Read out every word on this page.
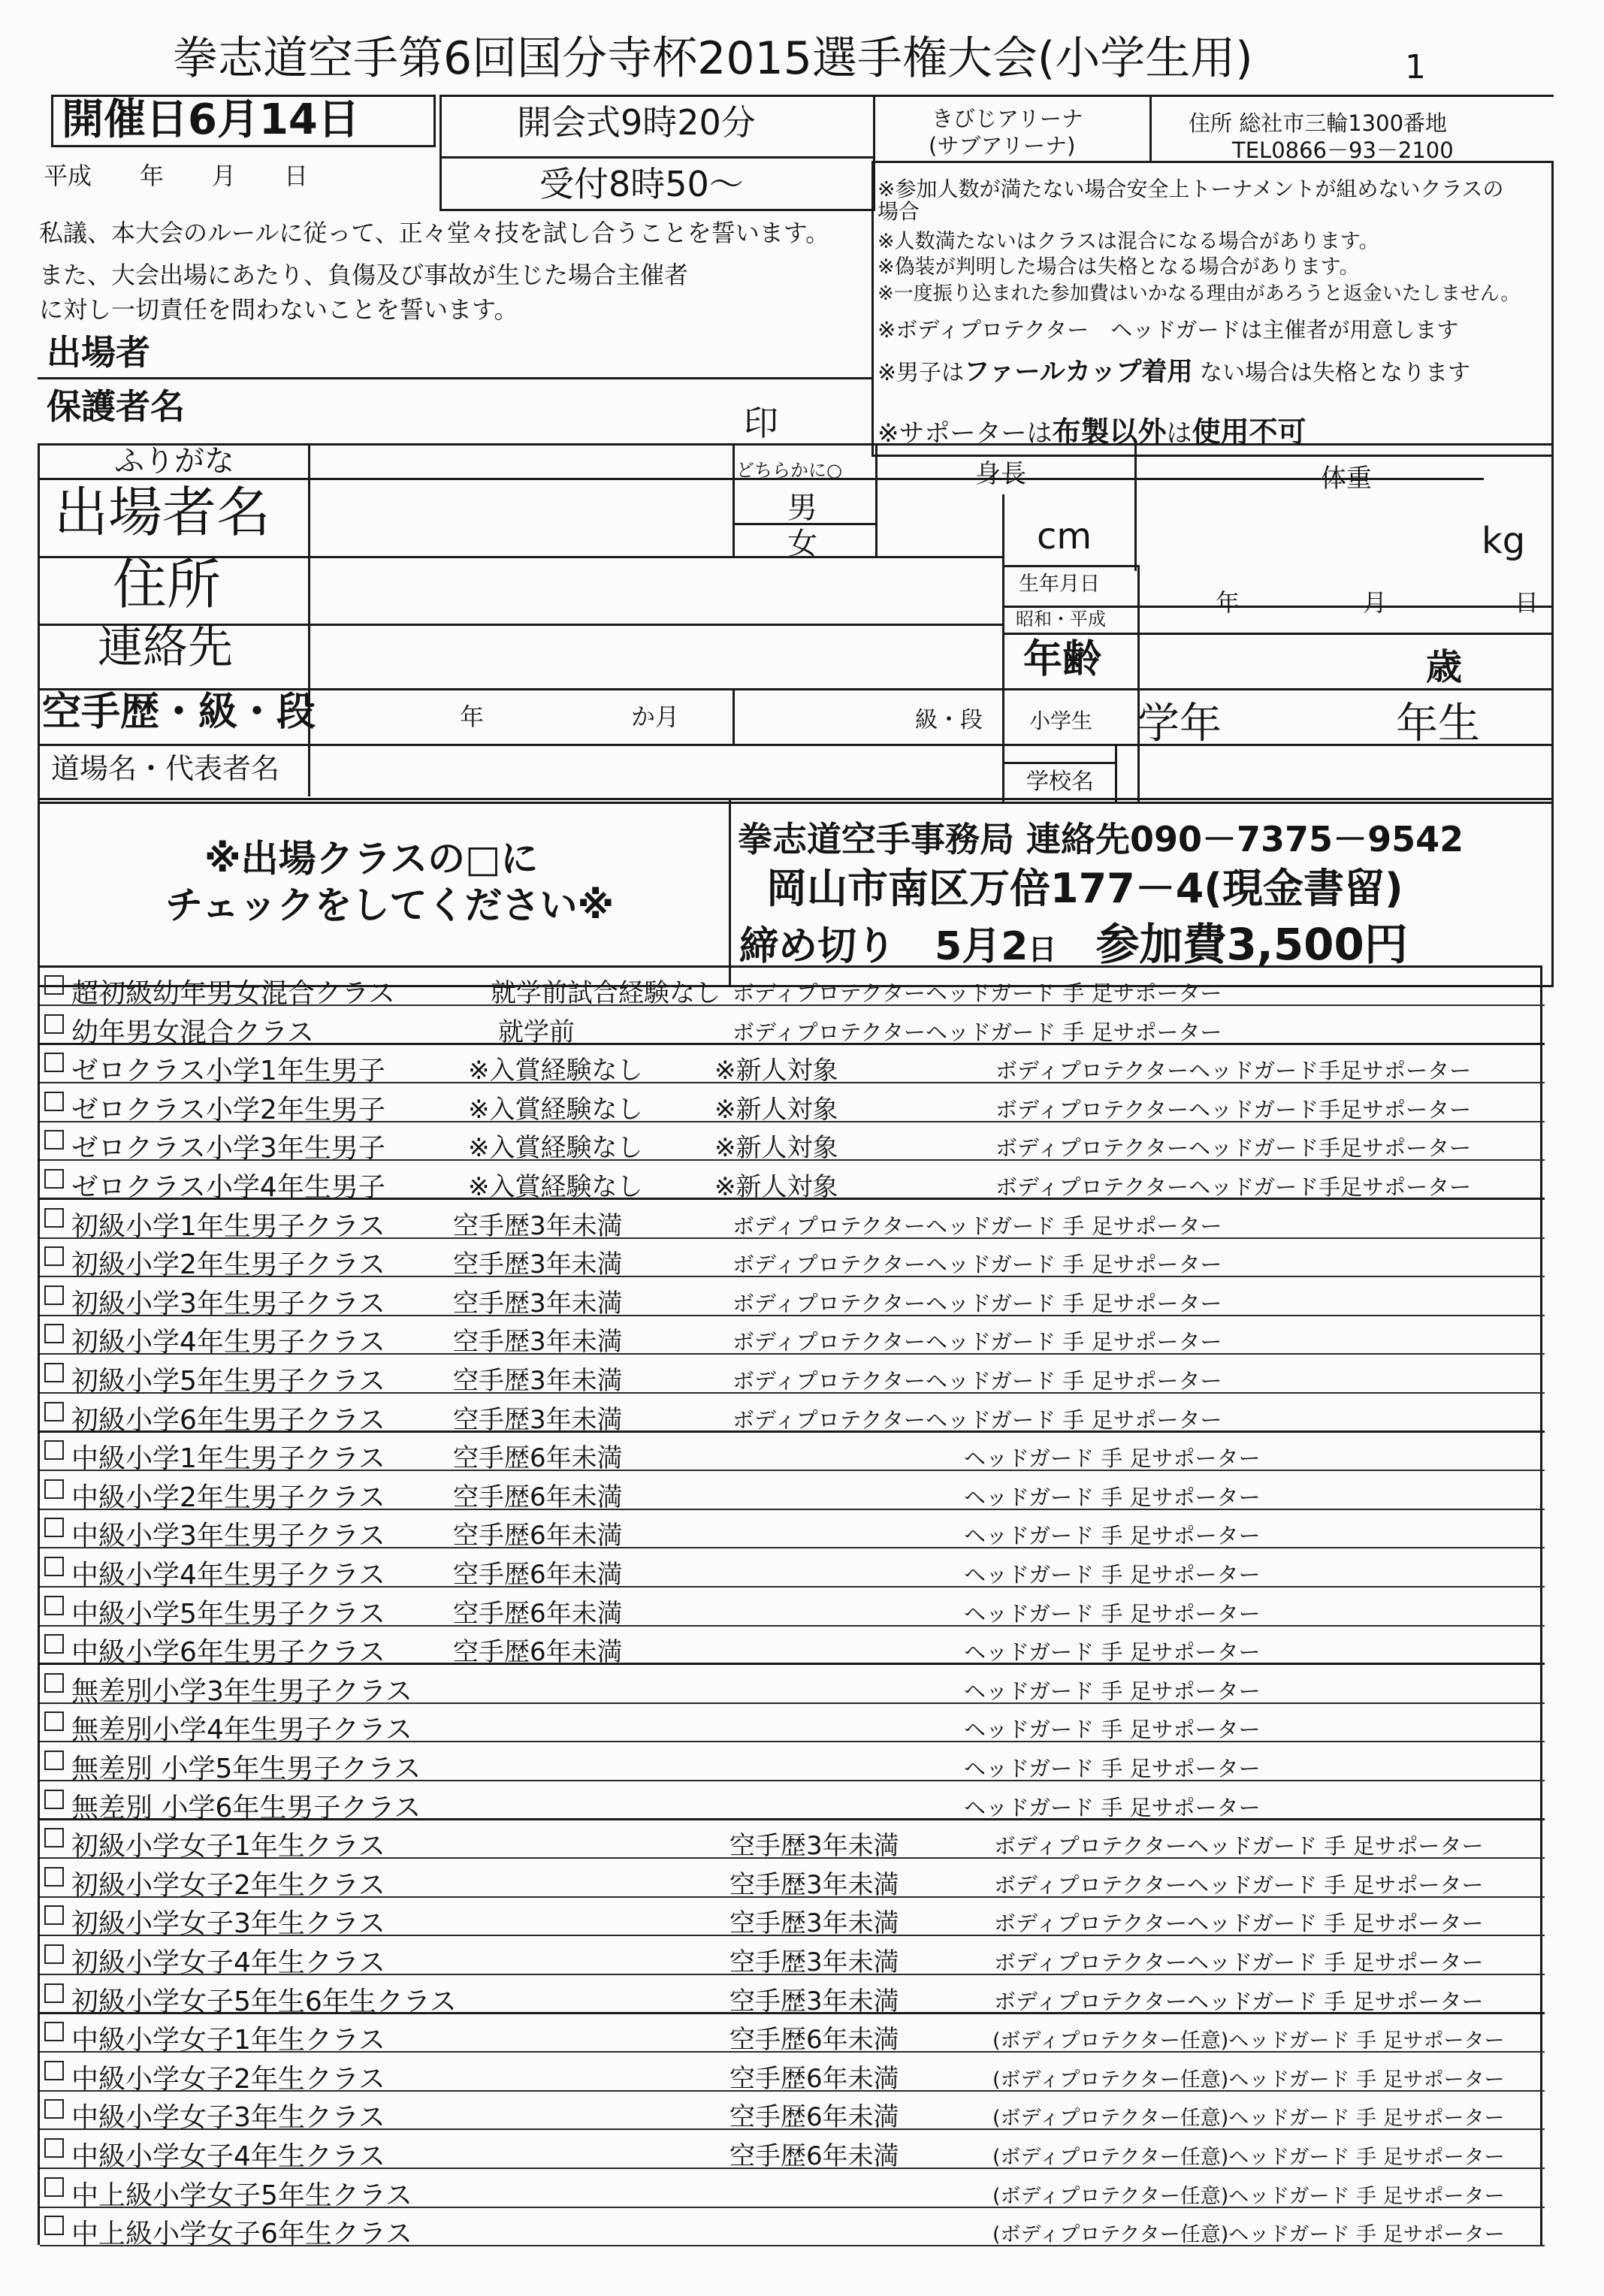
拳志道空手第6回国分寺杯2015選手権大会(小学生用)	1
開催日6月14日
平成　　年　　月　　日
開会式9時20分
受付8時50～
きびじアリーナ
(サブアリーナ)
住所 総社市三輪1300番地
TEL0866－93－2100
私議、本大会のルールに従って、正々堂々技を試し合うことを誓います。
また、大会出場にあたり、負傷及び事故が生じた場合主催者
に対し一切責任を問わないことを誓います。
出場者
保護者名	印
※参加人数が満たない場合安全上トーナメントが組めないクラスの
場合
※人数満たないはクラスは混合になる場合があります。
※偽装が判明した場合は失格となる場合があります。
※一度振り込まれた参加費はいかなる理由があろうと返金いたしません。
※ボディプロテクター　ヘッドガードは主催者が用意します
※男子はファールカップ着用 ない場合は失格となります
※サポーターは布製以外は使用不可
ふりがな	どちらかに○	身長	体重
出場者名	男
女	cm	kg
住所	生年月日
昭和・平成
年	月	日
連絡先	年齢	歳
空手歴・級・段	年	か月	級・段 小学生 学年	年生
道場名・代表者名	学校名
※出場クラスの□に
チェックをしてください※
拳志道空手事務局 連絡先090－7375－9542
岡山市南区万倍177－4(現金書留)
締め切り　 5月2日　 参加費3,500円
超初級幼年男女混合クラス	就学前試合経験なし ボディプロテクターヘッドガード 手 足サポーター
幼年男女混合クラス	就学前	ボディプロテクターヘッドガード 手 足サポーター
ゼロクラス小学1年生男子	※入賞経験なし	※新人対象	ボディプロテクターヘッドガード手足サポーター
ゼロクラス小学2年生男子	※入賞経験なし	※新人対象	ボディプロテクターヘッドガード手足サポーター
ゼロクラス小学3年生男子	※入賞経験なし	※新人対象	ボディプロテクターヘッドガード手足サポーター
ゼロクラス小学4年生男子	※入賞経験なし	※新人対象	ボディプロテクターヘッドガード手足サポーター
初級小学1年生男子クラス	空手歴3年未満	ボディプロテクターヘッドガード 手 足サポーター
初級小学2年生男子クラス	空手歴3年未満	ボディプロテクターヘッドガード 手 足サポーター
初級小学3年生男子クラス	空手歴3年未満	ボディプロテクターヘッドガード 手 足サポーター
初級小学4年生男子クラス	空手歴3年未満	ボディプロテクターヘッドガード 手 足サポーター
初級小学5年生男子クラス	空手歴3年未満	ボディプロテクターヘッドガード 手 足サポーター
初級小学6年生男子クラス	空手歴3年未満	ボディプロテクターヘッドガード 手 足サポーター
中級小学1年生男子クラス	空手歴6年未満	ヘッドガード 手 足サポーター
中級小学2年生男子クラス	空手歴6年未満	ヘッドガード 手 足サポーター
中級小学3年生男子クラス	空手歴6年未満	ヘッドガード 手 足サポーター
中級小学4年生男子クラス	空手歴6年未満	ヘッドガード 手 足サポーター
中級小学5年生男子クラス	空手歴6年未満	ヘッドガード 手 足サポーター
中級小学6年生男子クラス	空手歴6年未満	ヘッドガード 手 足サポーター
無差別小学3年生男子クラス	ヘッドガード 手 足サポーター
無差別小学4年生男子クラス	ヘッドガード 手 足サポーター
無差別 小学5年生男子クラス	ヘッドガード 手 足サポーター
無差別 小学6年生男子クラス	ヘッドガード 手 足サポーター
初級小学女子1年生クラス	空手歴3年未満	ボディプロテクターヘッドガード 手 足サポーター
初級小学女子2年生クラス	空手歴3年未満	ボディプロテクターヘッドガード 手 足サポーター
初級小学女子3年生クラス	空手歴3年未満	ボディプロテクターヘッドガード 手 足サポーター
初級小学女子4年生クラス	空手歴3年未満	ボディプロテクターヘッドガード 手 足サポーター
初級小学女子5年生6年生クラス	空手歴3年未満	ボディプロテクターヘッドガード 手 足サポーター
中級小学女子1年生クラス	空手歴6年未満	(ボディプロテクター任意)ヘッドガード 手 足サポーター
中級小学女子2年生クラス	空手歴6年未満	(ボディプロテクター任意)ヘッドガード 手 足サポーター
中級小学女子3年生クラス	空手歴6年未満	(ボディプロテクター任意)ヘッドガード 手 足サポーター
中級小学女子4年生クラス	空手歴6年未満	(ボディプロテクター任意)ヘッドガード 手 足サポーター
中上級小学女子5年生クラス	(ボディプロテクター任意)ヘッドガード 手 足サポーター
中上級小学女子6年生クラス	(ボディプロテクター任意)ヘッドガード 手 足サポーター
